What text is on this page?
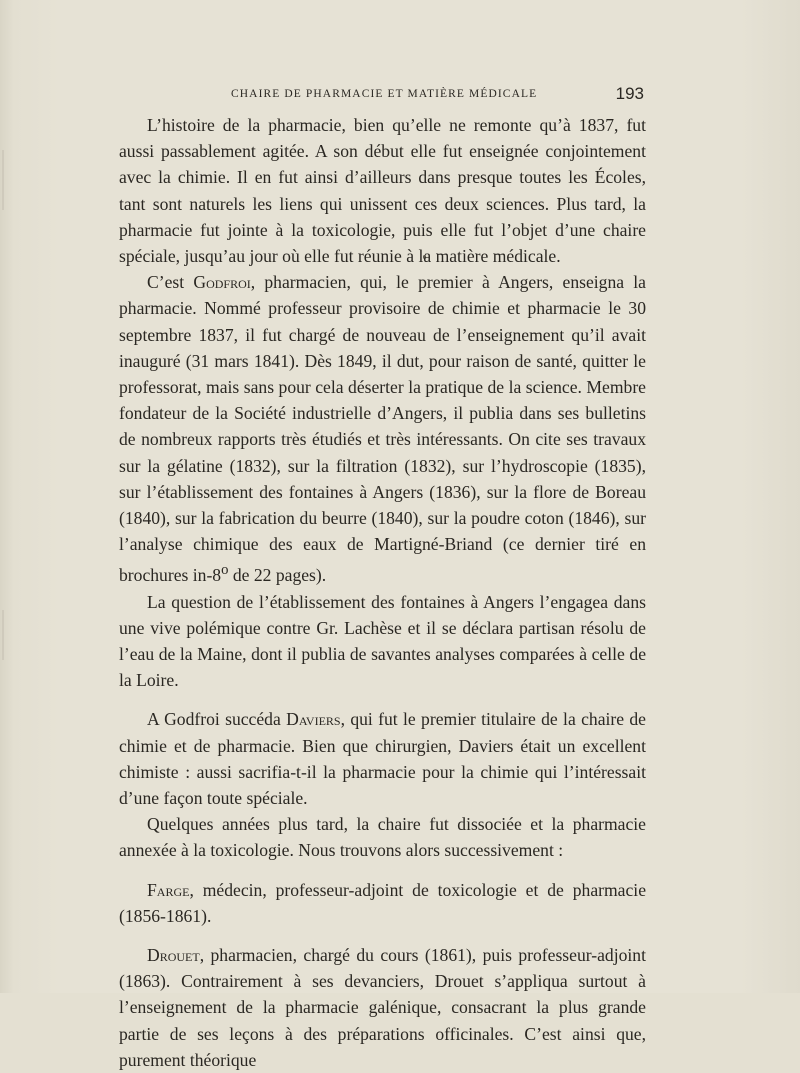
CHAIRE DE PHARMACIE ET MATIÈRE MÉDICALE	193

L’histoire de la pharmacie, bien qu’elle ne remonte qu’à 1837, fut aussi passablement agitée. A son début elle fut enseignée conjointement avec la chimie. Il en fut ainsi d’ailleurs dans presque toutes les Écoles, tant sont naturels les liens qui unissent ces deux sciences. Plus tard, la pharmacie fut jointe à la toxicologie, puis elle fut l’objet d’une chaire spéciale, jusqu’au jour où elle fut réunie à la matière médicale.

C’est Godfroi, pharmacien, qui, le premier à Angers, enseigna la pharmacie. Nommé professeur provisoire de chimie et pharmacie le 30 septembre 1837, il fut chargé de nouveau de l’enseignement qu’il avait inauguré (31 mars 1841). Dès 1849, il dut, pour raison de santé, quitter le professorat, mais sans pour cela déserter la pratique de la science. Membre fondateur de la Société industrielle d’Angers, il publia dans ses bulletins de nombreux rapports très étudiés et très intéressants. On cite ses travaux sur la gélatine (1832), sur la filtration (1832), sur l’hydroscopie (1835), sur l’établissement des fontaines à Angers (1836), sur la flore de Boreau (1840), sur la fabrication du beurre (1840), sur la poudre coton (1846), sur l’analyse chimique des eaux de Martigné-Briand (ce dernier tiré en brochures in-8$^o$ de 22 pages).

La question de l’établissement des fontaines à Angers l’engagea dans une vive polémique contre Gr. Lachèse et il se déclara partisan résolu de l’eau de la Maine, dont il publia de savantes analyses comparées à celle de la Loire.

A Godfroi succéda Daviers, qui fut le premier titulaire de la chaire de chimie et de pharmacie. Bien que chirurgien, Daviers était un excellent chimiste : aussi sacrifia-t-il la pharmacie pour la chimie qui l’intéressait d’une façon toute spéciale.

Quelques années plus tard, la chaire fut dissociée et la pharmacie annexée à la toxicologie. Nous trouvons alors successivement :

Farge, médecin, professeur-adjoint de toxicologie et de pharmacie (1856-1861).

Drouet, pharmacien, chargé du cours (1861), puis professeur-adjoint (1863). Contrairement à ses devanciers, Drouet s’appliqua surtout à l’enseignement de la pharmacie galénique, consacrant la plus grande partie de ses leçons à des préparations officinales. C’est ainsi que, purement théorique
